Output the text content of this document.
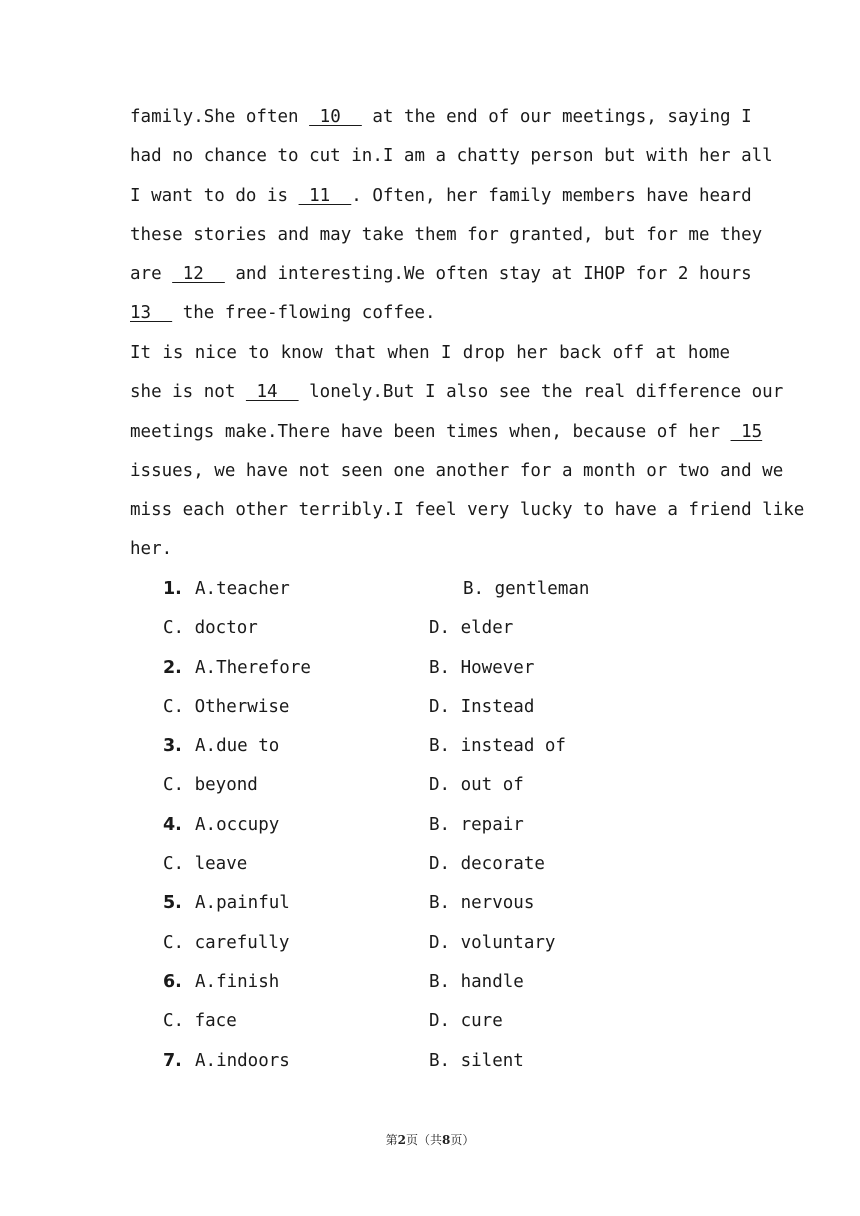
family.She often  10   at the end of our meetings, saying I
had no chance to cut in.I am a chatty person but with her all
I want to do is  11  . Often, her family members have heard
these stories and may take them for granted, but for me they
are  12   and interesting.We often stay at IHOP for 2 hours
13   the free-flowing coffee.
It is nice to know that when I drop her back off at home
she is not  14   lonely.But I also see the real difference our
meetings make.There have been times when, because of her  15
issues, we have not seen one another for a month or two and we
miss each other terribly.I feel very lucky to have a friend like
her.
1. A.teacher	B. gentleman
C. doctor	D. elder
2. A.Therefore	B. However
C. Otherwise	D. Instead
3. A.due to	B. instead of
C. beyond	D. out of
4. A.occupy	B. repair
C. leave	D. decorate
5. A.painful	B. nervous
C. carefully	D. voluntary
6. A.finish	B. handle
C. face	D. cure
7. A.indoors	B. silent
第2页（共8页）
